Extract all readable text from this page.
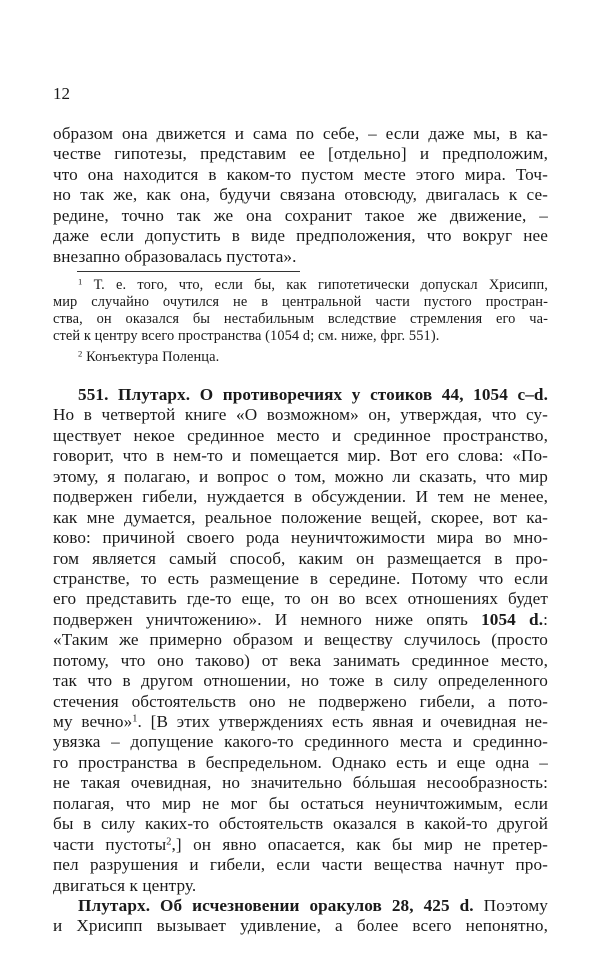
12
образом она движется и сама по себе, – если даже мы, в ка-
честве гипотезы, представим ее [отдельно] и предположим,
что она находится в каком-то пустом месте этого мира. Точ-
но так же, как она, будучи связана отовсюду, двигалась к се-
редине, точно так же она сохранит такое же движение, –
даже если допустить в виде предположения, что вокруг нее
внезапно образовалась пустота».
$^1$ Т. е. того, что, если бы, как гипотетически допускал Хрисипп,
мир случайно очутился не в центральной части пустого простран-
ства, он оказался бы нестабильным вследствие стремления его ча-
стей к центру всего пространства (1054 d; см. ниже, фрг. 551).
$^2$ Конъектура Поленца.
551. Плутарх. О противоречиях у стоиков 44, 1054 c–d.
Но в четвертой книге «О возможном» он, утверждая, что су-
ществует некое срединное место и срединное пространство,
говорит, что в нем-то и помещается мир. Вот его слова: «По-
этому, я полагаю, и вопрос о том, можно ли сказать, что мир
подвержен гибели, нуждается в обсуждении. И тем не менее,
как мне думается, реальное положение вещей, скорее, вот ка-
ково: причиной своего рода неуничтожимости мира во мно-
гом является самый способ, каким он размещается в про-
странстве, то есть размещение в середине. Потому что если
его представить где-то еще, то он во всех отношениях будет
подвержен уничтожению». И немного ниже опять 1054 d.:
«Таким же примерно образом и веществу случилось (просто
потому, что оно таково) от века занимать срединное место,
так что в другом отношении, но тоже в силу определенного
стечения обстоятельств оно не подвержено гибели, а пото-
му вечно»$^1$. [В этих утверждениях есть явная и очевидная не-
увязка – допущение какого-то срединного места и срединно-
го пространства в беспредельном. Однако есть и еще одна –
не такая очевидная, но значительно бóльшая несообразность:
полагая, что мир не мог бы остаться неуничтожимым, если
бы в силу каких-то обстоятельств оказался в какой-то другой
части пустоты$^2$,] он явно опасается, как бы мир не претер-
пел разрушения и гибели, если части вещества начнут про-
двигаться к центру.
Плутарх. Об исчезновении оракулов 28, 425 d. Поэтому
и Хрисипп вызывает удивление, а более всего непонятно,
